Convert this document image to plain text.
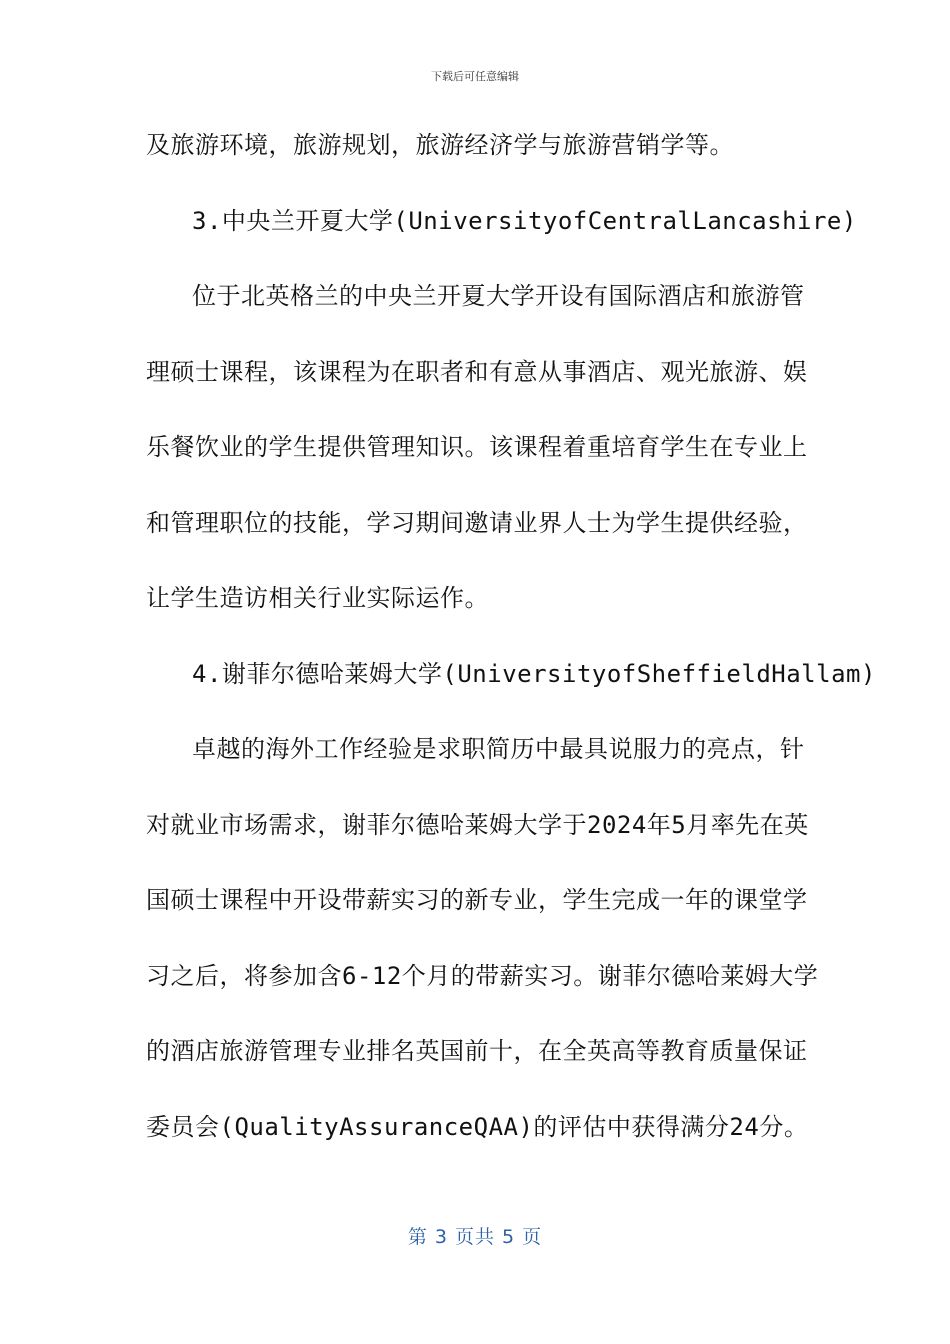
下载后可任意编辑
及旅游环境，旅游规划，旅游经济学与旅游营销学等。
3.中央兰开夏大学(UniversityofCentralLancashire)
位于北英格兰的中央兰开夏大学开设有国际酒店和旅游管
理硕士课程，该课程为在职者和有意从事酒店、观光旅游、娱
乐餐饮业的学生提供管理知识。该课程着重培育学生在专业上
和管理职位的技能，学习期间邀请业界人士为学生提供经验，
让学生造访相关行业实际运作。
4.谢菲尔德哈莱姆大学(UniversityofSheffieldHallam)
卓越的海外工作经验是求职简历中最具说服力的亮点，针
对就业市场需求，谢菲尔德哈莱姆大学于2024年5月率先在英
国硕士课程中开设带薪实习的新专业，学生完成一年的课堂学
习之后，将参加含6-12个月的带薪实习。谢菲尔德哈莱姆大学
的酒店旅游管理专业排名英国前十，在全英高等教育质量保证
委员会(QualityAssuranceQAA)的评估中获得满分24分。
第 3 页共 5 页
